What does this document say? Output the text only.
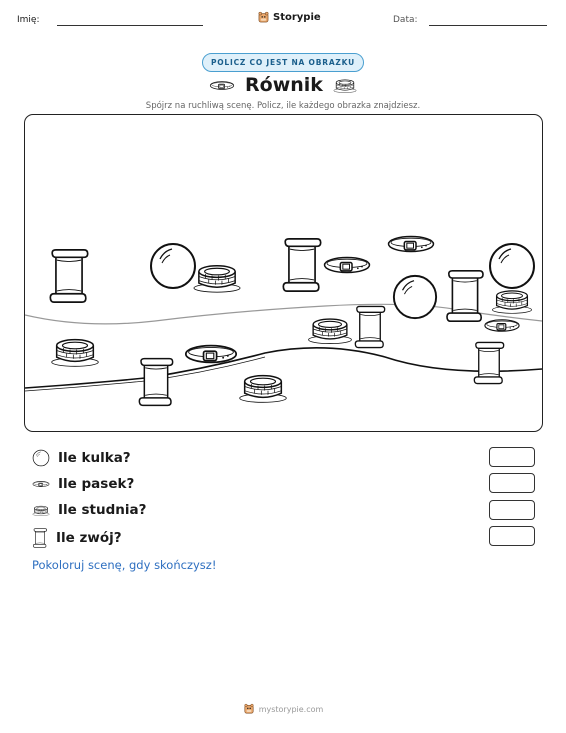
Imię:	Storypie	Data:
POLICZ CO JEST NA OBRAZKU
Równik
Spójrz na ruchliwą scenę. Policz, ile każdego obrazka znajdziesz.
Ile kulka?
Ile pasek?
Ile studnia?
Ile zwój?
Pokoloruj scenę, gdy skończysz!
mystorypie.com
